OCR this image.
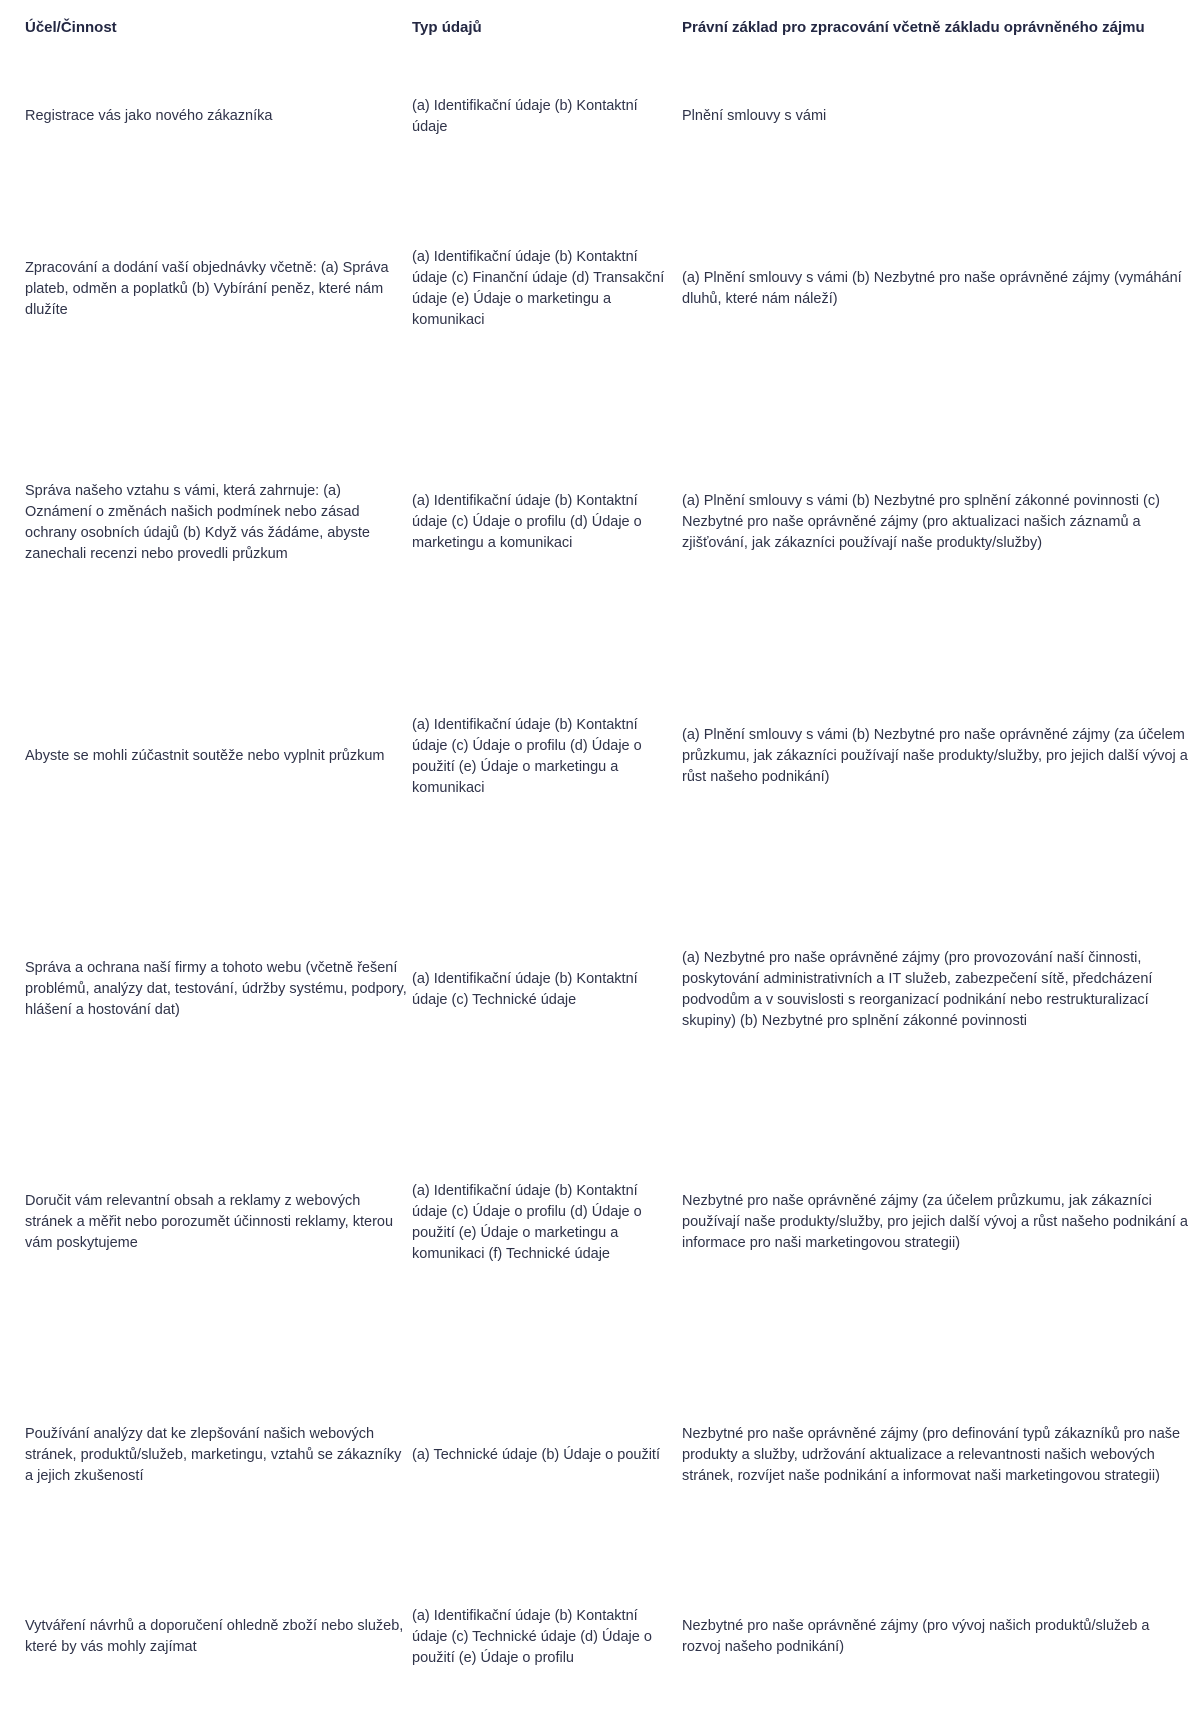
Účel/Činnost	Typ údajů	Právní základ pro zpracování včetně základu oprávněného zájmu
Registrace vás jako nového zákazníka
(a) Identifikační údaje (b) Kontaktní údaje
Plnění smlouvy s vámi
Zpracování a dodání vaší objednávky včetně: (a) Správa plateb, odměn a poplatků (b) Vybírání peněz, které nám dlužíte
(a) Identifikační údaje (b) Kontaktní údaje (c) Finanční údaje (d) Transakční údaje (e) Údaje o marketingu a komunikaci
(a) Plnění smlouvy s vámi (b) Nezbytné pro naše oprávněné zájmy (vymáhání dluhů, které nám náleží)
Správa našeho vztahu s vámi, která zahrnuje: (a) Oznámení o změnách našich podmínek nebo zásad ochrany osobních údajů (b) Když vás žádáme, abyste zanechali recenzi nebo provedli průzkum
(a) Identifikační údaje (b) Kontaktní údaje (c) Údaje o profilu (d) Údaje o marketingu a komunikaci
(a) Plnění smlouvy s vámi (b) Nezbytné pro splnění zákonné povinnosti (c) Nezbytné pro naše oprávněné zájmy (pro aktualizaci našich záznamů a zjišťování, jak zákazníci používají naše produkty/služby)
Abyste se mohli zúčastnit soutěže nebo vyplnit průzkum
(a) Identifikační údaje (b) Kontaktní údaje (c) Údaje o profilu (d) Údaje o použití (e) Údaje o marketingu a komunikaci
(a) Plnění smlouvy s vámi (b) Nezbytné pro naše oprávněné zájmy (za účelem průzkumu, jak zákazníci používají naše produkty/služby, pro jejich další vývoj a růst našeho podnikání)
Správa a ochrana naší firmy a tohoto webu (včetně řešení problémů, analýzy dat, testování, údržby systému, podpory, hlášení a hostování dat)
(a) Identifikační údaje (b) Kontaktní údaje (c) Technické údaje
(a) Nezbytné pro naše oprávněné zájmy (pro provozování naší činnosti, poskytování administrativních a IT služeb, zabezpečení sítě, předcházení podvodům a v souvislosti s reorganizací podnikání nebo restrukturalizací skupiny) (b) Nezbytné pro splnění zákonné povinnosti
Doručit vám relevantní obsah a reklamy z webových stránek a měřit nebo porozumět účinnosti reklamy, kterou vám poskytujeme
(a) Identifikační údaje (b) Kontaktní údaje (c) Údaje o profilu (d) Údaje o použití (e) Údaje o marketingu a komunikaci (f) Technické údaje
Nezbytné pro naše oprávněné zájmy (za účelem průzkumu, jak zákazníci používají naše produkty/služby, pro jejich další vývoj a růst našeho podnikání a informace pro naši marketingovou strategii)
Používání analýzy dat ke zlepšování našich webových stránek, produktů/služeb, marketingu, vztahů se zákazníky a jejich zkušeností
(a) Technické údaje (b) Údaje o použití
Nezbytné pro naše oprávněné zájmy (pro definování typů zákazníků pro naše produkty a služby, udržování aktualizace a relevantnosti našich webových stránek, rozvíjet naše podnikání a informovat naši marketingovou strategii)
Vytváření návrhů a doporučení ohledně zboží nebo služeb, které by vás mohly zajímat
(a) Identifikační údaje (b) Kontaktní údaje (c) Technické údaje (d) Údaje o použití (e) Údaje o profilu
Nezbytné pro naše oprávněné zájmy (pro vývoj našich produktů/služeb a rozvoj našeho podnikání)
